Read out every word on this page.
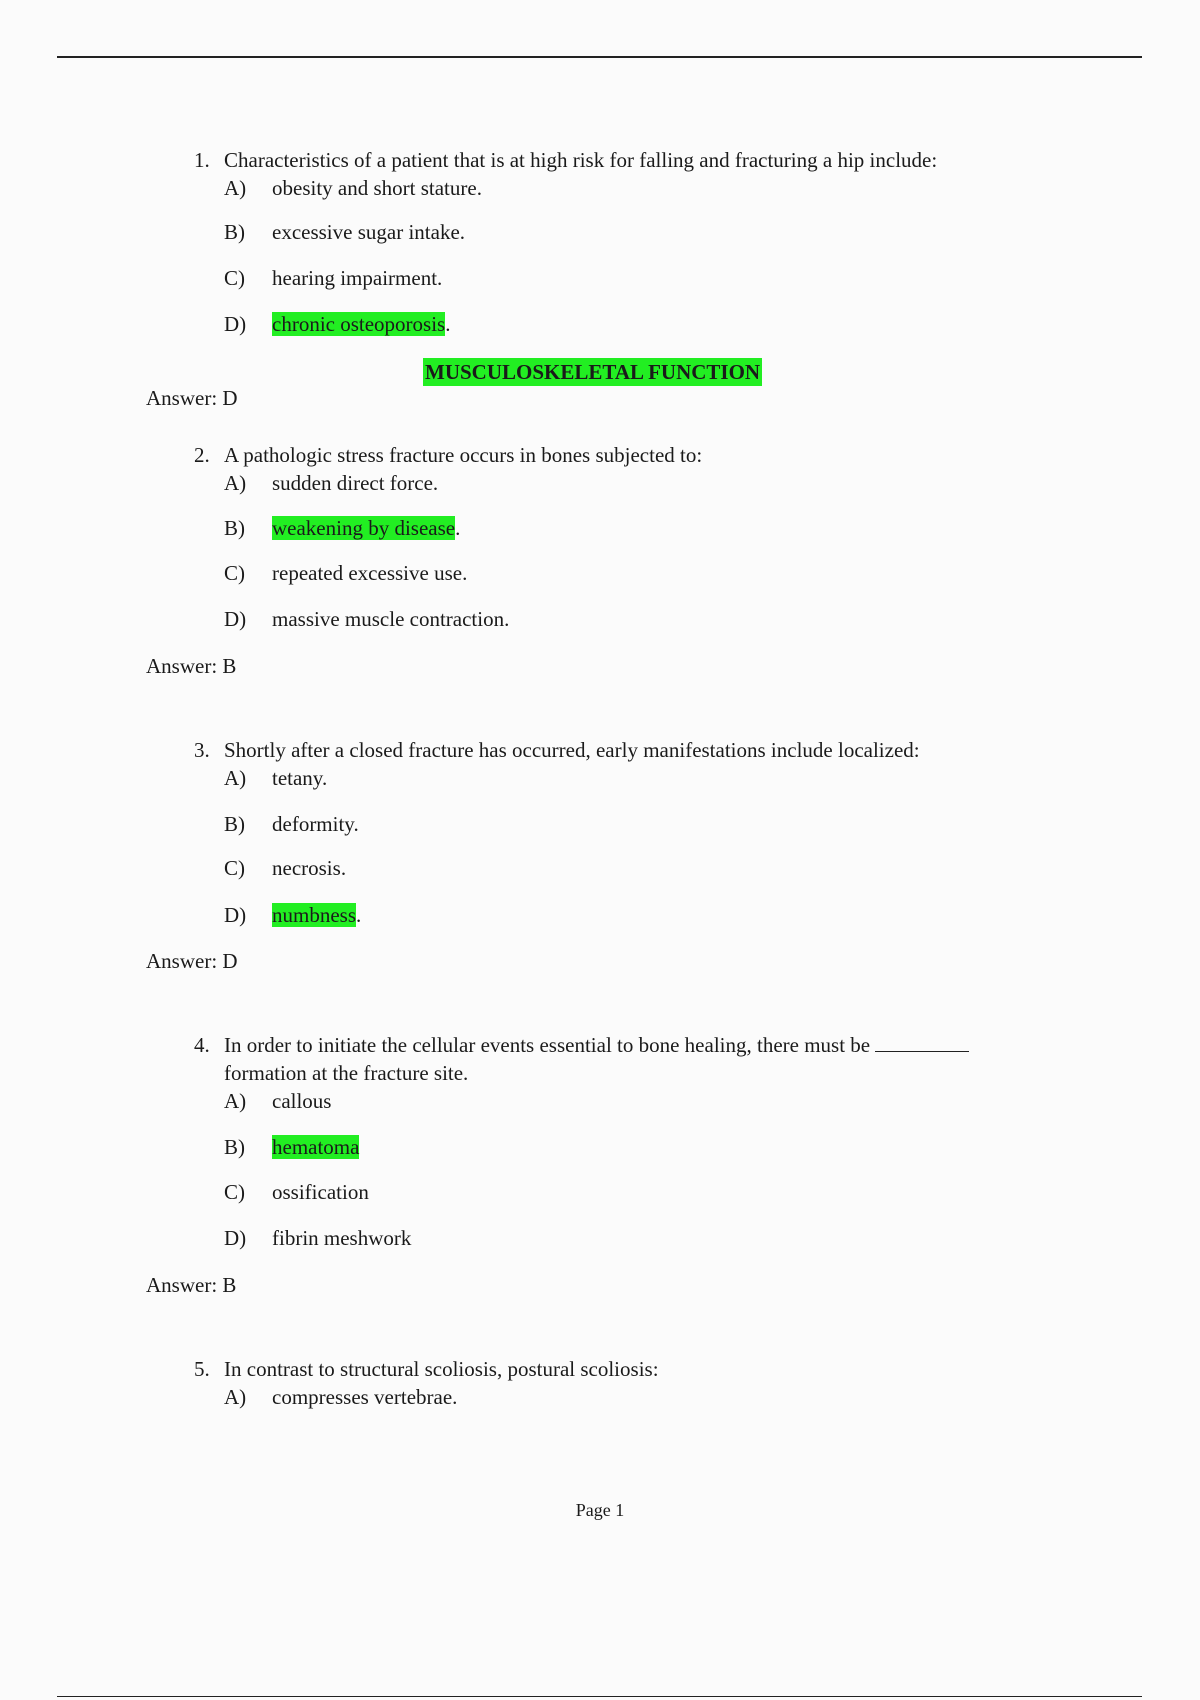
1. Characteristics of a patient that is at high risk for falling and fracturing a hip include:
A) obesity and short stature.
B) excessive sugar intake.
C) hearing impairment.
D) chronic osteoporosis.
MUSCULOSKELETAL FUNCTION
Answer: D
2. A pathologic stress fracture occurs in bones subjected to:
A) sudden direct force.
B) weakening by disease.
C) repeated excessive use.
D) massive muscle contraction.
Answer: B
3. Shortly after a closed fracture has occurred, early manifestations include localized:
A) tetany.
B) deformity.
C) necrosis.
D) numbness.
Answer: D
4. In order to initiate the cellular events essential to bone healing, there must be
formation at the fracture site.
A) callous
B) hematoma
C) ossification
D) fibrin meshwork
Answer: B
5. In contrast to structural scoliosis, postural scoliosis:
A) compresses vertebrae.
Page 1
